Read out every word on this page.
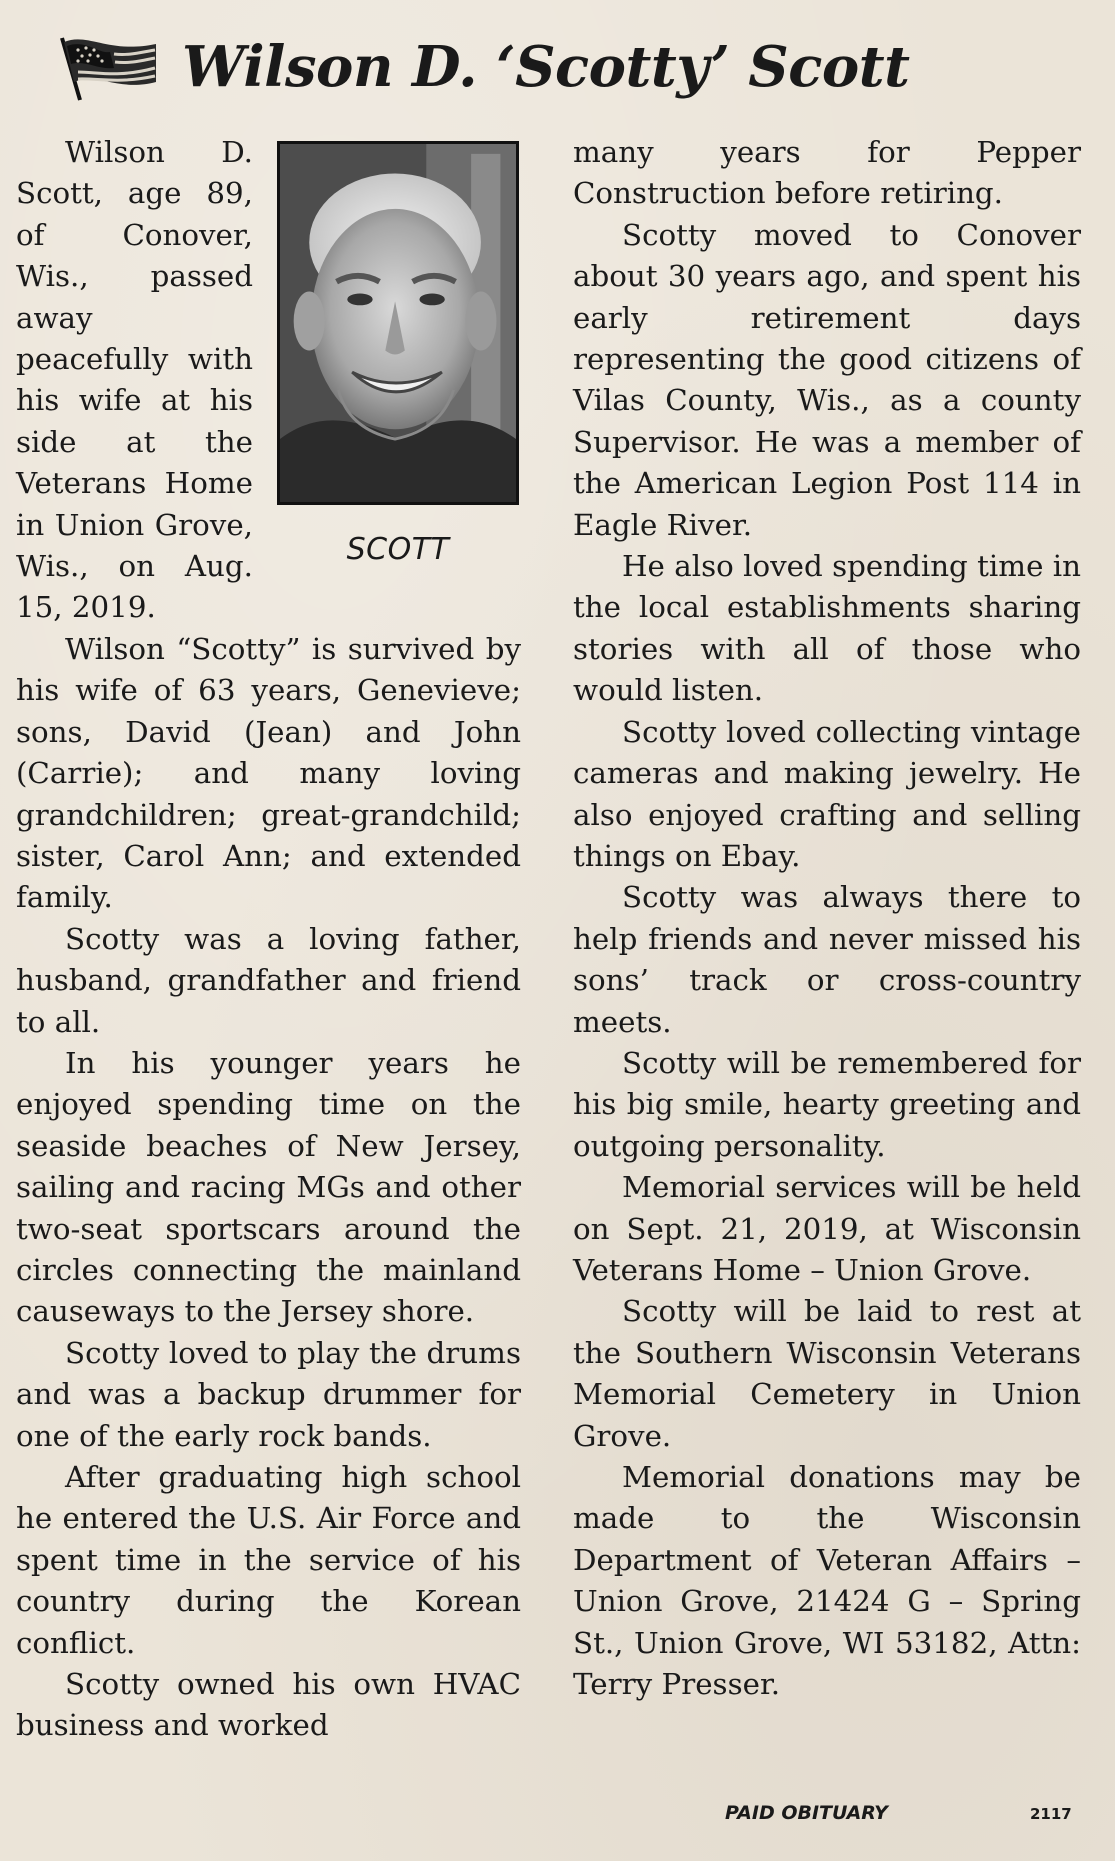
Wilson D. ‘Scotty’ Scott
SCOTT

Wilson D. Scott, age 89, of Conover, Wis., passed away peacefully with his wife at his side at the Veterans Home in Union Grove, Wis., on Aug. 15, 2019.

Wilson “Scotty” is survived by his wife of 63 years, Genevieve; sons, David (Jean) and John (Carrie); and many loving grandchildren; great-grandchild; sister, Carol Ann; and extended family.

Scotty was a loving father, husband, grandfather and friend to all.

In his younger years he enjoyed spending time on the seaside beaches of New Jersey, sailing and racing MGs and other two-seat sportscars around the circles connecting the mainland causeways to the Jersey shore.

Scotty loved to play the drums and was a backup drummer for one of the early rock bands.

After graduating high school he entered the U.S. Air Force and spent time in the service of his country during the Korean conflict.

Scotty owned his own HVAC business and worked

many years for Pepper Construction before retiring.

Scotty moved to Conover about 30 years ago, and spent his early retirement days representing the good citizens of Vilas County, Wis., as a county Supervisor. He was a member of the American Legion Post 114 in Eagle River.

He also loved spending time in the local establishments sharing stories with all of those who would listen.

Scotty loved collecting vintage cameras and making jewelry. He also enjoyed crafting and selling things on Ebay.

Scotty was always there to help friends and never missed his sons’ track or cross-country meets.

Scotty will be remembered for his big smile, hearty greeting and outgoing personality.

Memorial services will be held on Sept. 21, 2019, at Wisconsin Veterans Home – Union Grove.

Scotty will be laid to rest at the Southern Wisconsin Veterans Memorial Cemetery in Union Grove.

Memorial donations may be made to the Wisconsin Department of Veteran Affairs – Union Grove, 21424 G – Spring St., Union Grove, WI 53182, Attn: Terry Presser.

PAID OBITUARY	2117
